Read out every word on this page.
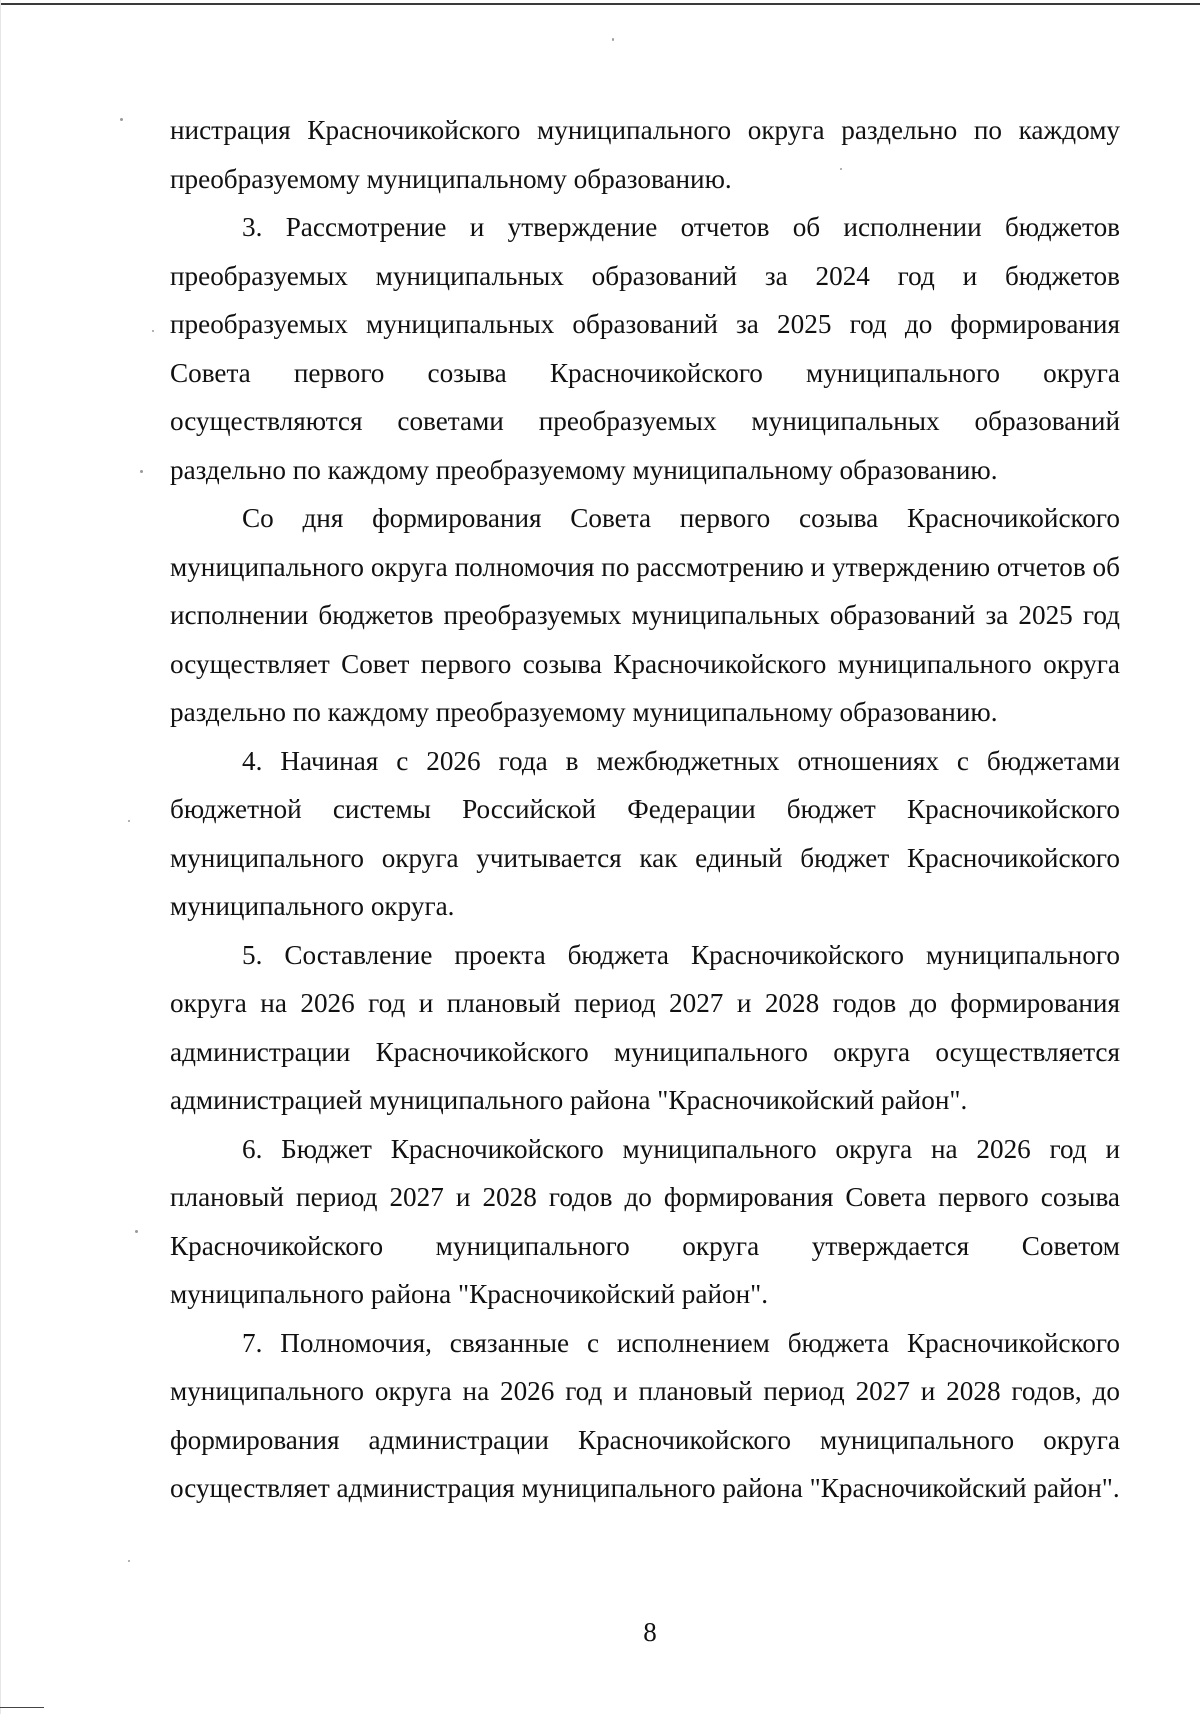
нистрация Красночикойского муниципального округа раздельно по каждому преобразуемому муниципальному образованию.

3. Рассмотрение и утверждение отчетов об исполнении бюджетов преобразуемых муниципальных образований за 2024 год и бюджетов преобразуемых муниципальных образований за 2025 год до формирования Совета первого созыва Красночикойского муниципального округа осуществляются советами преобразуемых муниципальных образований раздельно по каждому преобразуемому муниципальному образованию.

Со дня формирования Совета первого созыва Красночикойского муниципального округа полномочия по рассмотрению и утверждению отчетов об исполнении бюджетов преобразуемых муниципальных образований за 2025 год осуществляет Совет первого созыва Красночикойского муниципального округа раздельно по каждому преобразуемому муниципальному образованию.

4. Начиная с 2026 года в межбюджетных отношениях с бюджетами бюджетной системы Российской Федерации бюджет Красночикойского муниципального округа учитывается как единый бюджет Красночикойского муниципального округа.

5. Составление проекта бюджета Красночикойского муниципального округа на 2026 год и плановый период 2027 и 2028 годов до формирования администрации Красночикойского муниципального округа осуществляется администрацией муниципального района "Красночикойский район".

6. Бюджет Красночикойского муниципального округа на 2026 год и плановый период 2027 и 2028 годов до формирования Совета первого созыва Красночикойского муниципального округа утверждается Советом муниципального района "Красночикойский район".

7. Полномочия, связанные с исполнением бюджета Красночикойского муниципального округа на 2026 год и плановый период 2027 и 2028 годов, до формирования администрации Красночикойского муниципального округа осуществляет администрация муниципального района "Красночикойский район".

8
